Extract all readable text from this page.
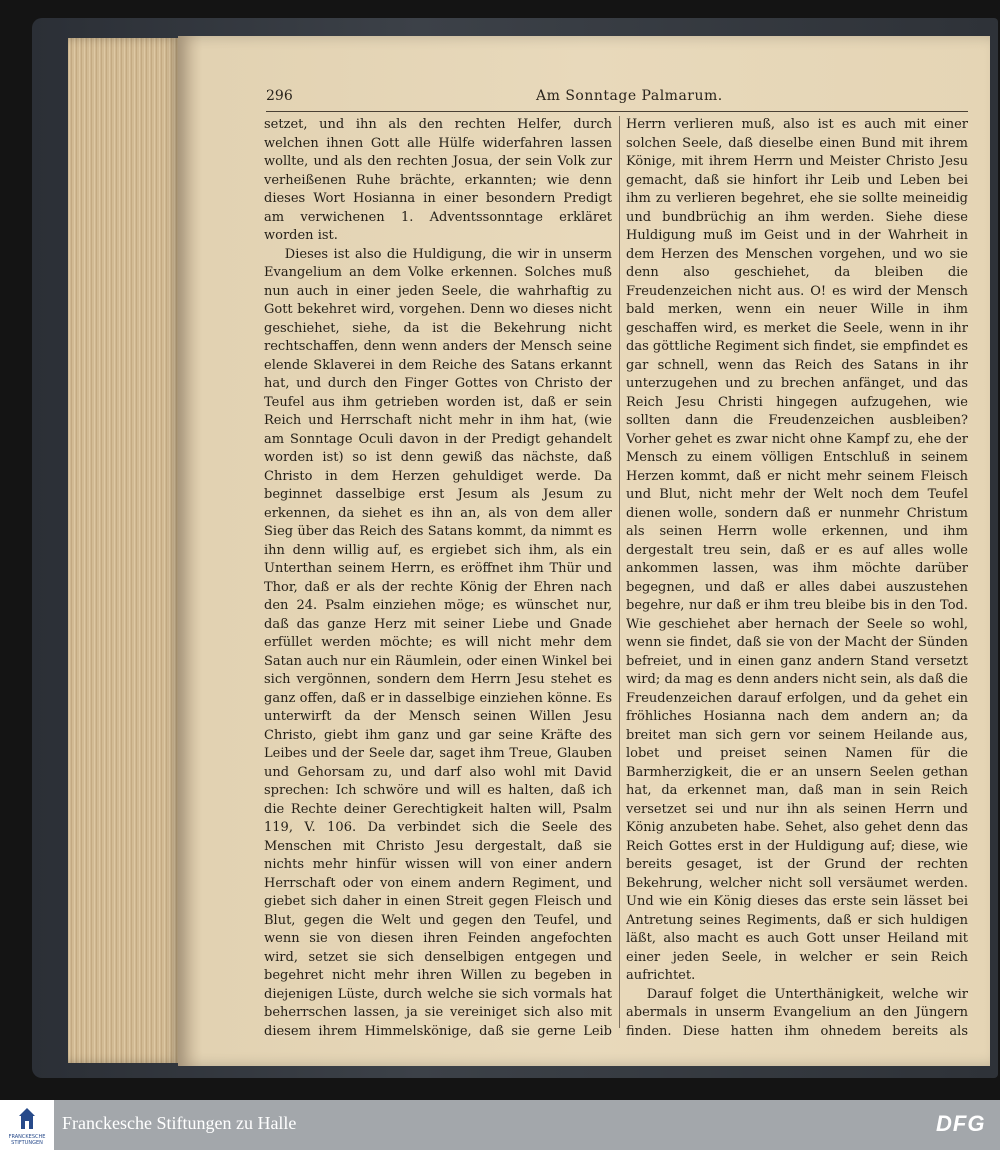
296	Am Sonntage Palmarum.

setzet, und ihn als den rechten Helfer, durch welchen ihnen Gott alle Hülfe widerfahren lassen wollte, und als den rechten Josua, der sein Volk zur verheißenen Ruhe brächte, erkannten; wie denn dieses Wort Hosianna in einer besondern Predigt am verwichenen 1. Adventssonntage erkläret worden ist.

Dieses ist also die Huldigung, die wir in unserm Evangelium an dem Volke erkennen. Solches muß nun auch in einer jeden Seele, die wahrhaftig zu Gott bekehret wird, vorgehen. Denn wo dieses nicht geschiehet, siehe, da ist die Bekehrung nicht rechtschaffen, denn wenn anders der Mensch seine elende Sklaverei in dem Reiche des Satans erkannt hat, und durch den Finger Gottes von Christo der Teufel aus ihm getrieben worden ist, daß er sein Reich und Herrschaft nicht mehr in ihm hat, (wie am Sonntage Oculi davon in der Predigt gehandelt worden ist) so ist denn gewiß das nächste, daß Christo in dem Herzen gehuldiget werde. Da beginnet dasselbige erst Jesum als Jesum zu erkennen, da siehet es ihn an, als von dem aller Sieg über das Reich des Satans kommt, da nimmt es ihn denn willig auf, es ergiebet sich ihm, als ein Unterthan seinem Herrn, es eröffnet ihm Thür und Thor, daß er als der rechte König der Ehren nach den 24. Psalm einziehen möge; es wünschet nur, daß das ganze Herz mit seiner Liebe und Gnade erfüllet werden möchte; es will nicht mehr dem Satan auch nur ein Räumlein, oder einen Winkel bei sich vergönnen, sondern dem Herrn Jesu stehet es ganz offen, daß er in dasselbige einziehen könne. Es unterwirft da der Mensch seinen Willen Jesu Christo, giebt ihm ganz und gar seine Kräfte des Leibes und der Seele dar, saget ihm Treue, Glauben und Gehorsam zu, und darf also wohl mit David sprechen: Ich schwöre und will es halten, daß ich die Rechte deiner Gerechtigkeit halten will, Psalm 119, V. 106. Da verbindet sich die Seele des Menschen mit Christo Jesu dergestalt, daß sie nichts mehr hinfür wissen will von einer andern Herrschaft oder von einem andern Regiment, und giebet sich daher in einen Streit gegen Fleisch und Blut, gegen die Welt und gegen den Teufel, und wenn sie von diesen ihren Feinden angefochten wird, setzet sie sich denselbigen entgegen und begehret nicht mehr ihren Willen zu begeben in diejenigen Lüste, durch welche sie sich vormals hat beherrschen lassen, ja sie vereiniget sich also mit diesem ihrem Himmelskönige, daß sie gerne Leib

Herrn verlieren muß, also ist es auch mit einer solchen Seele, daß dieselbe einen Bund mit ihrem Könige, mit ihrem Herrn und Meister Christo Jesu gemacht, daß sie hinfort ihr Leib und Leben bei ihm zu verlieren begehret, ehe sie sollte meineidig und bundbrüchig an ihm werden. Siehe diese Huldigung muß im Geist und in der Wahrheit in dem Herzen des Menschen vorgehen, und wo sie denn also geschiehet, da bleiben die Freudenzeichen nicht aus. O! es wird der Mensch bald merken, wenn ein neuer Wille in ihm geschaffen wird, es merket die Seele, wenn in ihr das göttliche Regiment sich findet, sie empfindet es gar schnell, wenn das Reich des Satans in ihr unterzugehen und zu brechen anfänget, und das Reich Jesu Christi hingegen aufzugehen, wie sollten dann die Freudenzeichen ausbleiben? Vorher gehet es zwar nicht ohne Kampf zu, ehe der Mensch zu einem völligen Entschluß in seinem Herzen kommt, daß er nicht mehr seinem Fleisch und Blut, nicht mehr der Welt noch dem Teufel dienen wolle, sondern daß er nunmehr Christum als seinen Herrn wolle erkennen, und ihm dergestalt treu sein, daß er es auf alles wolle ankommen lassen, was ihm möchte darüber begegnen, und daß er alles dabei auszustehen begehre, nur daß er ihm treu bleibe bis in den Tod. Wie geschiehet aber hernach der Seele so wohl, wenn sie findet, daß sie von der Macht der Sünden befreiet, und in einen ganz andern Stand versetzt wird; da mag es denn anders nicht sein, als daß die Freudenzeichen darauf erfolgen, und da gehet ein fröhliches Hosianna nach dem andern an; da breitet man sich gern vor seinem Heilande aus, lobet und preiset seinen Namen für die Barmherzigkeit, die er an unsern Seelen gethan hat, da erkennet man, daß man in sein Reich versetzet sei und nur ihn als seinen Herrn und König anzubeten habe. Sehet, also gehet denn das Reich Gottes erst in der Huldigung auf; diese, wie bereits gesaget, ist der Grund der rechten Bekehrung, welcher nicht soll versäumet werden. Und wie ein König dieses das erste sein lässet bei Antretung seines Regiments, daß er sich huldigen läßt, also macht es auch Gott unser Heiland mit einer jeden Seele, in welcher er sein Reich aufrichtet.

Darauf folget die Unterthänigkeit, welche wir abermals in unserm Evangelium an den Jüngern finden. Diese hatten ihm ohnedem bereits als

FRANCKESCHE STIFTUNGEN
Franckesche Stiftungen zu Halle	DFG
